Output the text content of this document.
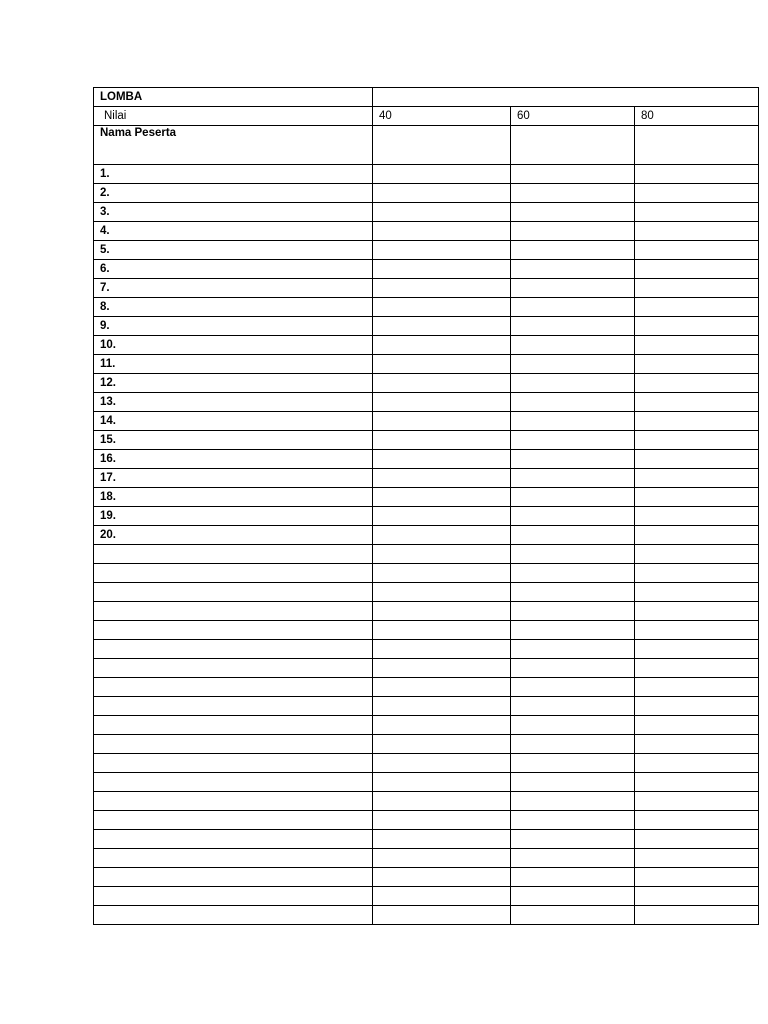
LOMBA			
Nilai	40	60	80
Nama Peserta			
1.			
2.			
3.			
4.			
5.			
6.			
7.			
8.			
9.			
10.			
11.			
12.			
13.			
14.			
15.			
16.			
17.			
18.			
19.			
20.			
